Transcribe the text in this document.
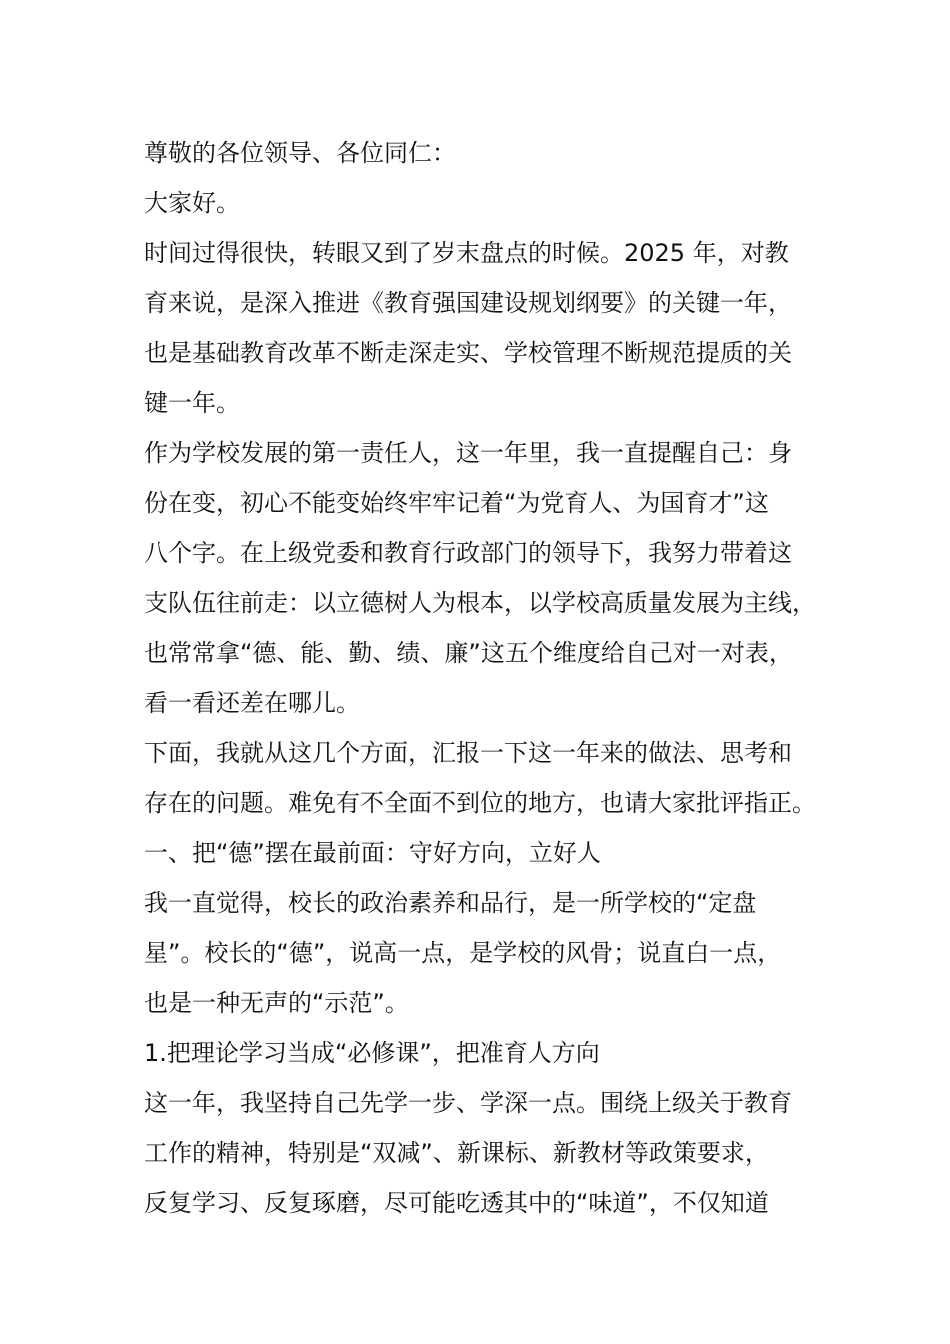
尊敬的各位领导、各位同仁：

大家好。

时间过得很快，转眼又到了岁末盘点的时候。2025 年，对教

育来说，是深入推进《教育强国建设规划纲要》的关键一年，

也是基础教育改革不断走深走实、学校管理不断规范提质的关

键一年。

作为学校发展的第一责任人，这一年里，我一直提醒自己：身

份在变，初心不能变始终牢牢记着“为党育人、为国育才”这

八个字。在上级党委和教育行政部门的领导下，我努力带着这

支队伍往前走：以立德树人为根本，以学校高质量发展为主线，

也常常拿“德、能、勤、绩、廉”这五个维度给自己对一对表，

看一看还差在哪儿。

下面，我就从这几个方面，汇报一下这一年来的做法、思考和

存在的问题。难免有不全面不到位的地方，也请大家批评指正。

一、把“德”摆在最前面：守好方向，立好人

我一直觉得，校长的政治素养和品行，是一所学校的“定盘

星”。校长的“德”，说高一点，是学校的风骨；说直白一点，

也是一种无声的“示范”。

1.把理论学习当成“必修课”，把准育人方向

这一年，我坚持自己先学一步、学深一点。围绕上级关于教育

工作的精神，特别是“双减”、新课标、新教材等政策要求，

反复学习、反复琢磨，尽可能吃透其中的“味道”，不仅知道
